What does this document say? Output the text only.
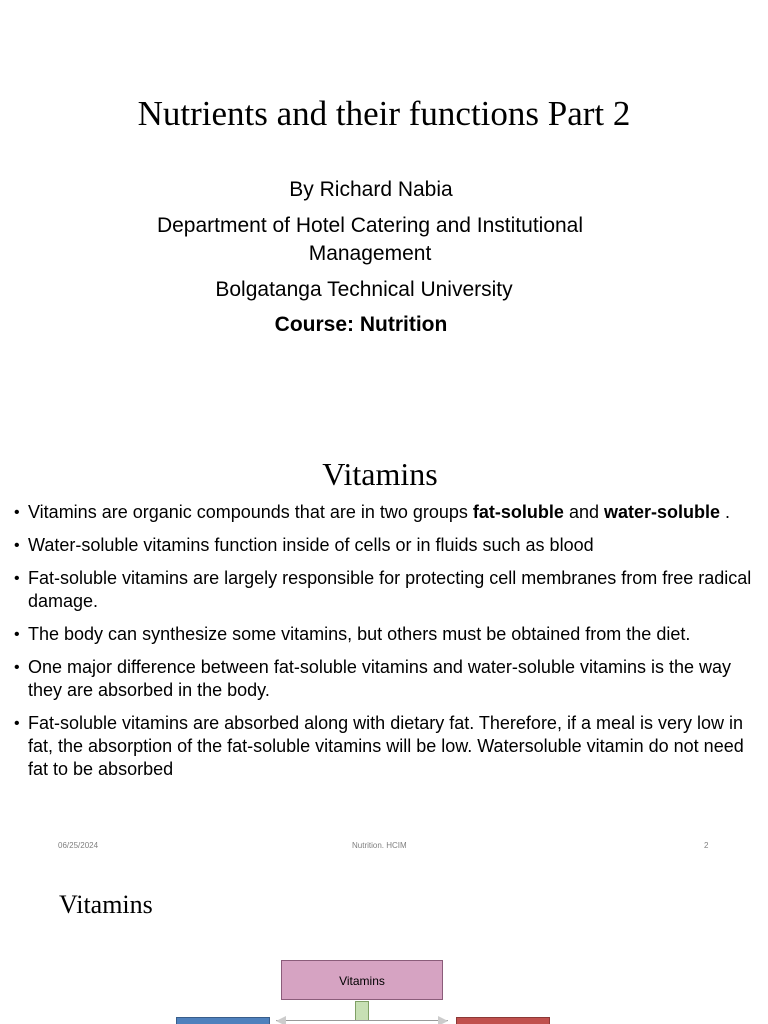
Nutrients and their functions Part 2
By Richard Nabia
Department of Hotel Catering and Institutional Management
Bolgatanga Technical University
Course: Nutrition
Vitamins
• Vitamins are organic compounds that are in two groups fat-soluble and water-soluble .
• Water-soluble vitamins function inside of cells or in fluids such as blood
• Fat-soluble vitamins are largely responsible for protecting cell membranes from free radical damage.
• The body can synthesize some vitamins, but others must be obtained from the diet.
• One major difference between fat-soluble vitamins and water-soluble vitamins is the way they are absorbed in the body.
• Fat-soluble vitamins are absorbed along with dietary fat. Therefore, if a meal is very low in fat, the absorption of the fat-soluble vitamins will be low. Watersoluble vitamin do not need fat to be absorbed
06/25/2024	Nutrition. HCIM	2
Vitamins
Vitamins
